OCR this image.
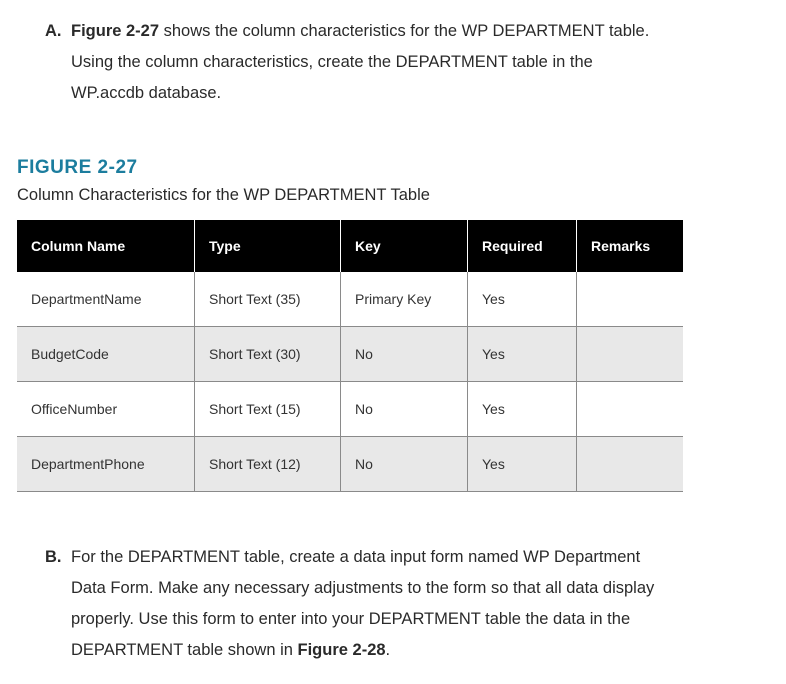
A. Figure 2-27 shows the column characteristics for the WP DEPARTMENT table.
Using the column characteristics, create the DEPARTMENT table in the
WP.accdb database.
FIGURE 2-27
Column Characteristics for the WP DEPARTMENT Table
Column Name	Type	Key	Required	Remarks
DepartmentName	Short Text (35)	Primary Key	Yes	
BudgetCode	Short Text (30)	No	Yes	
OfficeNumber	Short Text (15)	No	Yes	
DepartmentPhone	Short Text (12)	No	Yes	
B. For the DEPARTMENT table, create a data input form named WP Department
Data Form. Make any necessary adjustments to the form so that all data display
properly. Use this form to enter into your DEPARTMENT table the data in the
DEPARTMENT table shown in Figure 2-28.
